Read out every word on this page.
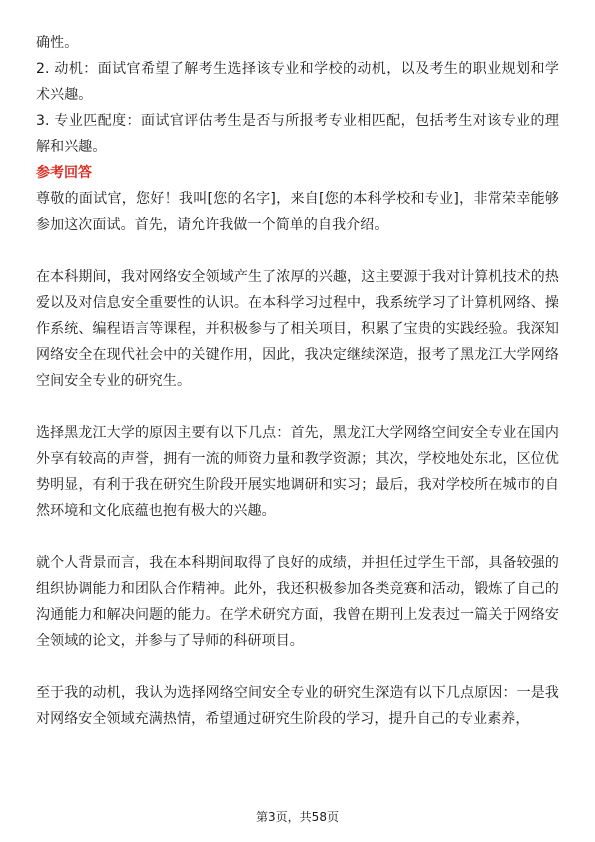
确性。

2. 动机：面试官希望了解考生选择该专业和学校的动机，以及考生的职业规划和学术兴趣。

3. 专业匹配度：面试官评估考生是否与所报考专业相匹配，包括考生对该专业的理解和兴趣。

参考回答

尊敬的面试官，您好！我叫[您的名字]，来自[您的本科学校和专业]，非常荣幸能够参加这次面试。首先，请允许我做一个简单的自我介绍。

在本科期间，我对网络安全领域产生了浓厚的兴趣，这主要源于我对计算机技术的热爱以及对信息安全重要性的认识。在本科学习过程中，我系统学习了计算机网络、操作系统、编程语言等课程，并积极参与了相关项目，积累了宝贵的实践经验。我深知网络安全在现代社会中的关键作用，因此，我决定继续深造，报考了黑龙江大学网络空间安全专业的研究生。

选择黑龙江大学的原因主要有以下几点：首先，黑龙江大学网络空间安全专业在国内外享有较高的声誉，拥有一流的师资力量和教学资源；其次，学校地处东北，区位优势明显，有利于我在研究生阶段开展实地调研和实习；最后，我对学校所在城市的自然环境和文化底蕴也抱有极大的兴趣。

就个人背景而言，我在本科期间取得了良好的成绩，并担任过学生干部，具备较强的组织协调能力和团队合作精神。此外，我还积极参加各类竞赛和活动，锻炼了自己的沟通能力和解决问题的能力。在学术研究方面，我曾在期刊上发表过一篇关于网络安全领域的论文，并参与了导师的科研项目。

至于我的动机，我认为选择网络空间安全专业的研究生深造有以下几点原因：一是我对网络安全领域充满热情，希望通过研究生阶段的学习，提升自己的专业素养，

第3页，共58页
